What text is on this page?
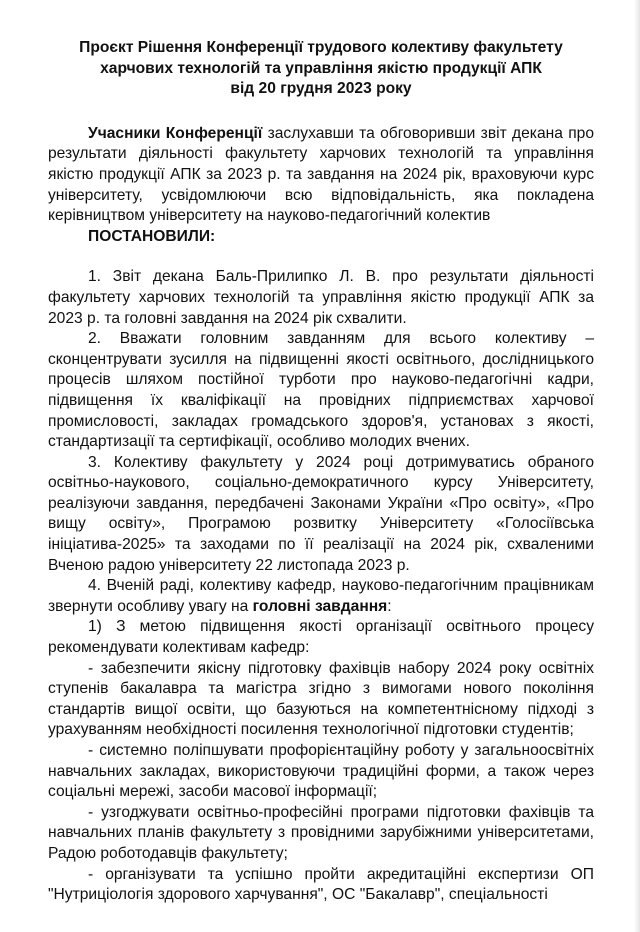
Проєкт Рішення Конференції трудового колективу факультету
харчових технологій та управління якістю продукції АПК
від 20 грудня 2023 року

Учасники Конференції заслухавши та обговоривши звіт декана про результати діяльності факультету харчових технологій та управління якістю продукції АПК за 2023 р. та завдання на 2024 рік, враховуючи курс університету, усвідомлюючи всю відповідальність, яка покладена керівництвом університету на науково-педагогічний колектив

ПОСТАНОВИЛИ:

1. Звіт декана Баль-Прилипко Л. В. про результати діяльності факультету харчових технологій та управління якістю продукції АПК за 2023 р. та головні завдання на 2024 рік схвалити.

2. Вважати головним завданням для всього колективу – сконцентрувати зусилля на підвищенні якості освітнього, дослідницького процесів шляхом постійної турботи про науково-педагогічні кадри, підвищення їх кваліфікації на провідних підприємствах харчової промисловості, закладах громадського здоров'я, установах з якості, стандартизації та сертифікації, особливо молодих вчених.

3. Колективу факультету у 2024 році дотримуватись обраного освітньо-наукового, соціально-демократичного курсу Університету, реалізуючи завдання, передбачені Законами України «Про освіту», «Про вищу освіту», Програмою розвитку Університету «Голосіївська ініціатива-2025» та заходами по її реалізації на 2024 рік, схваленими Вченою радою університету 22 листопада 2023 р.

4. Вченій раді, колективу кафедр, науково-педагогічним працівникам звернути особливу увагу на головні завдання:

1) З метою підвищення якості організації освітнього процесу рекомендувати колективам кафедр:

- забезпечити якісну підготовку фахівців набору 2024 року освітніх ступенів бакалавра та магістра згідно з вимогами нового покоління стандартів вищої освіти, що базуються на компетентнісному підході з урахуванням необхідності посилення технологічної підготовки студентів;

- системно поліпшувати профорієнтаційну роботу у загальноосвітніх навчальних закладах, використовуючи традиційні форми, а також через соціальні мережі, засоби масової інформації;

- узгоджувати освітньо-професійні програми підготовки фахівців та навчальних планів факультету з провідними зарубіжними університетами, Радою роботодавців факультету;

- організувати та успішно пройти акредитаційні експертизи ОП "Нутриціологія здорового харчування", ОС "Бакалавр", спеціальності
